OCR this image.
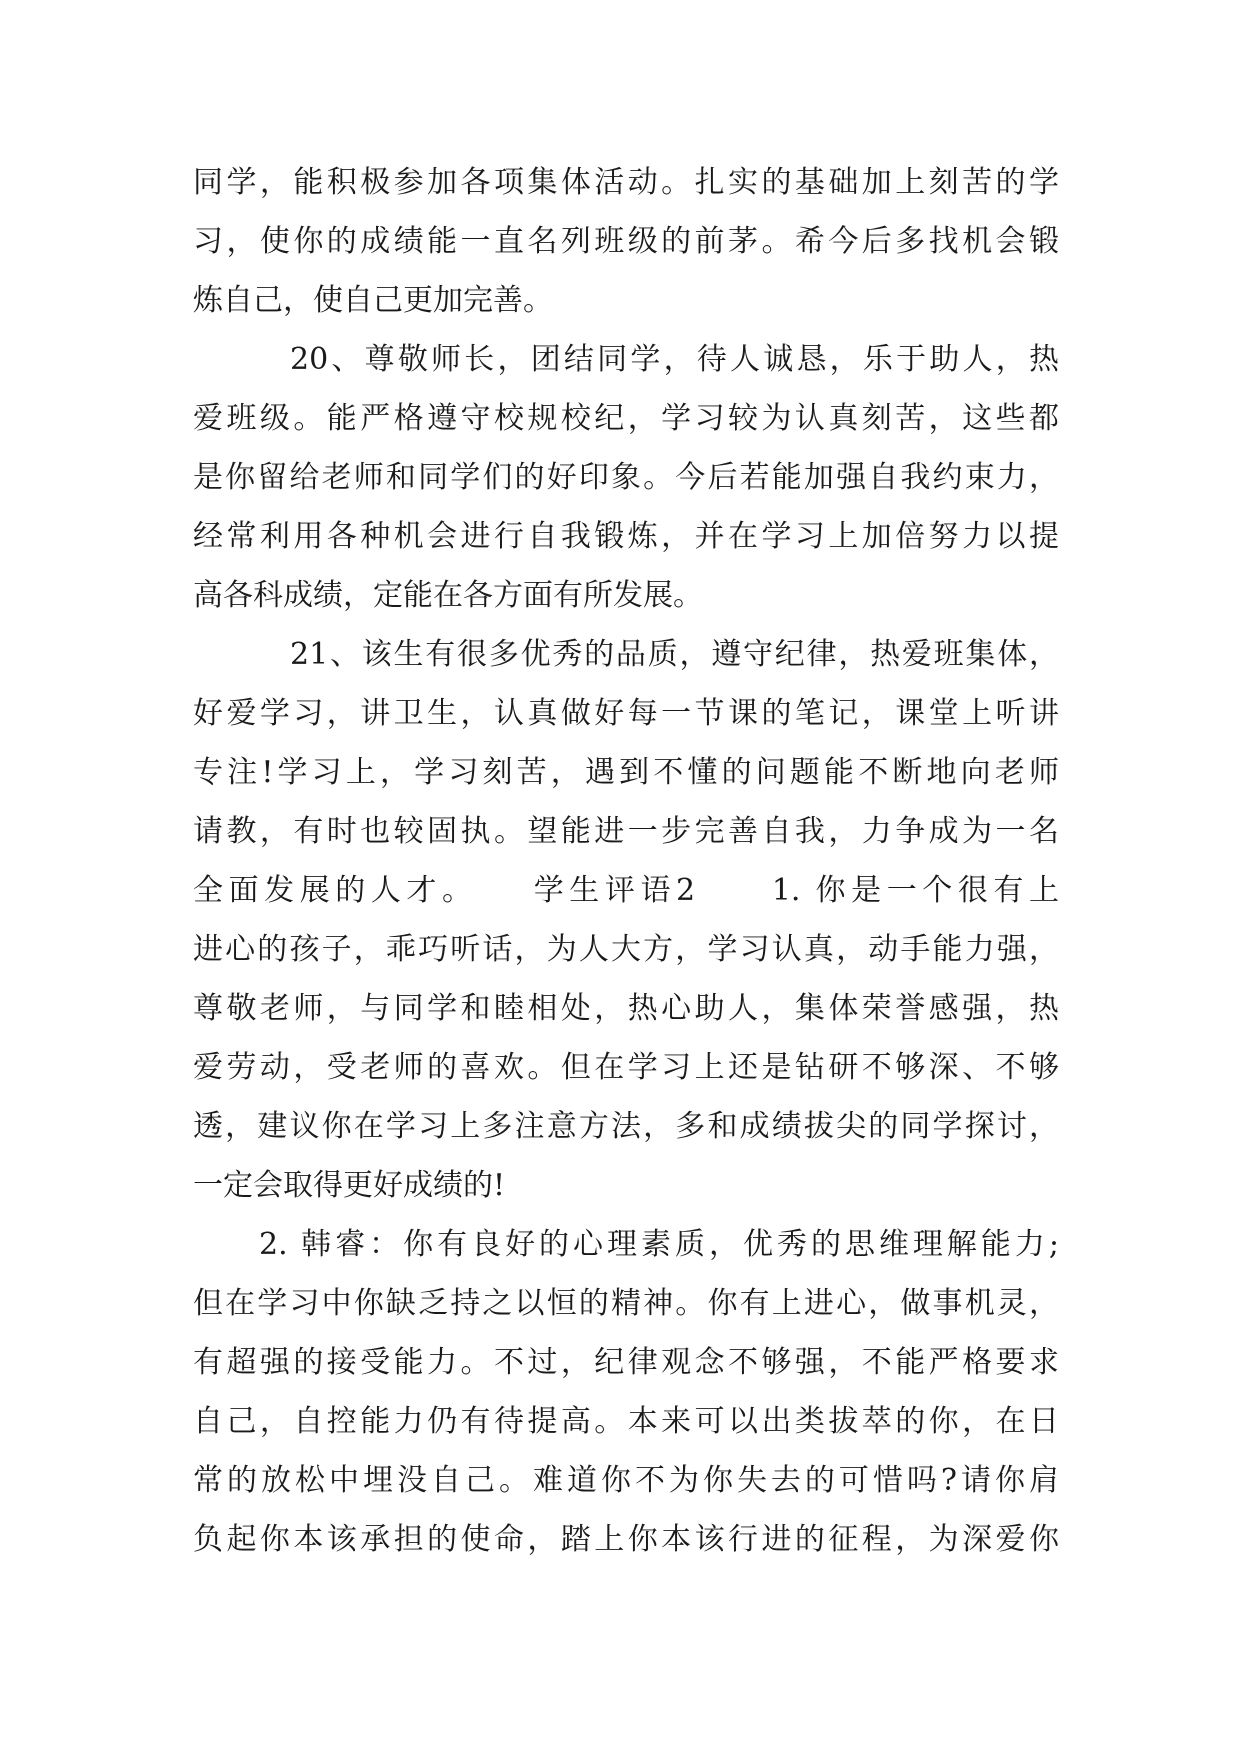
同学，能积极参加各项集体活动。扎实的基础加上刻苦的学
习，使你的成绩能一直名列班级的前茅。希今后多找机会锻
炼自己，使自己更加完善。
20、尊敬师长，团结同学，待人诚恳，乐于助人，热
爱班级。能严格遵守校规校纪，学习较为认真刻苦，这些都
是你留给老师和同学们的好印象。今后若能加强自我约束力，
经常利用各种机会进行自我锻炼，并在学习上加倍努力以提
高各科成绩，定能在各方面有所发展。
21、该生有很多优秀的品质，遵守纪律，热爱班集体，
好爱学习，讲卫生，认真做好每一节课的笔记，课堂上听讲
专注!学习上，学习刻苦，遇到不懂的问题能不断地向老师
请教，有时也较固执。望能进一步完善自我，力争成为一名
全面发展的人才。　　学生评语2　　1. 你是一个很有上
进心的孩子，乖巧听话，为人大方，学习认真，动手能力强，
尊敬老师，与同学和睦相处，热心助人，集体荣誉感强，热
爱劳动，受老师的喜欢。但在学习上还是钻研不够深、不够
透，建议你在学习上多注意方法，多和成绩拔尖的同学探讨，
一定会取得更好成绩的!
2. 韩睿：你有良好的心理素质，优秀的思维理解能力;
但在学习中你缺乏持之以恒的精神。你有上进心，做事机灵，
有超强的接受能力。不过，纪律观念不够强，不能严格要求
自己，自控能力仍有待提高。本来可以出类拔萃的你，在日
常的放松中埋没自己。难道你不为你失去的可惜吗?请你肩
负起你本该承担的使命，踏上你本该行进的征程，为深爱你
